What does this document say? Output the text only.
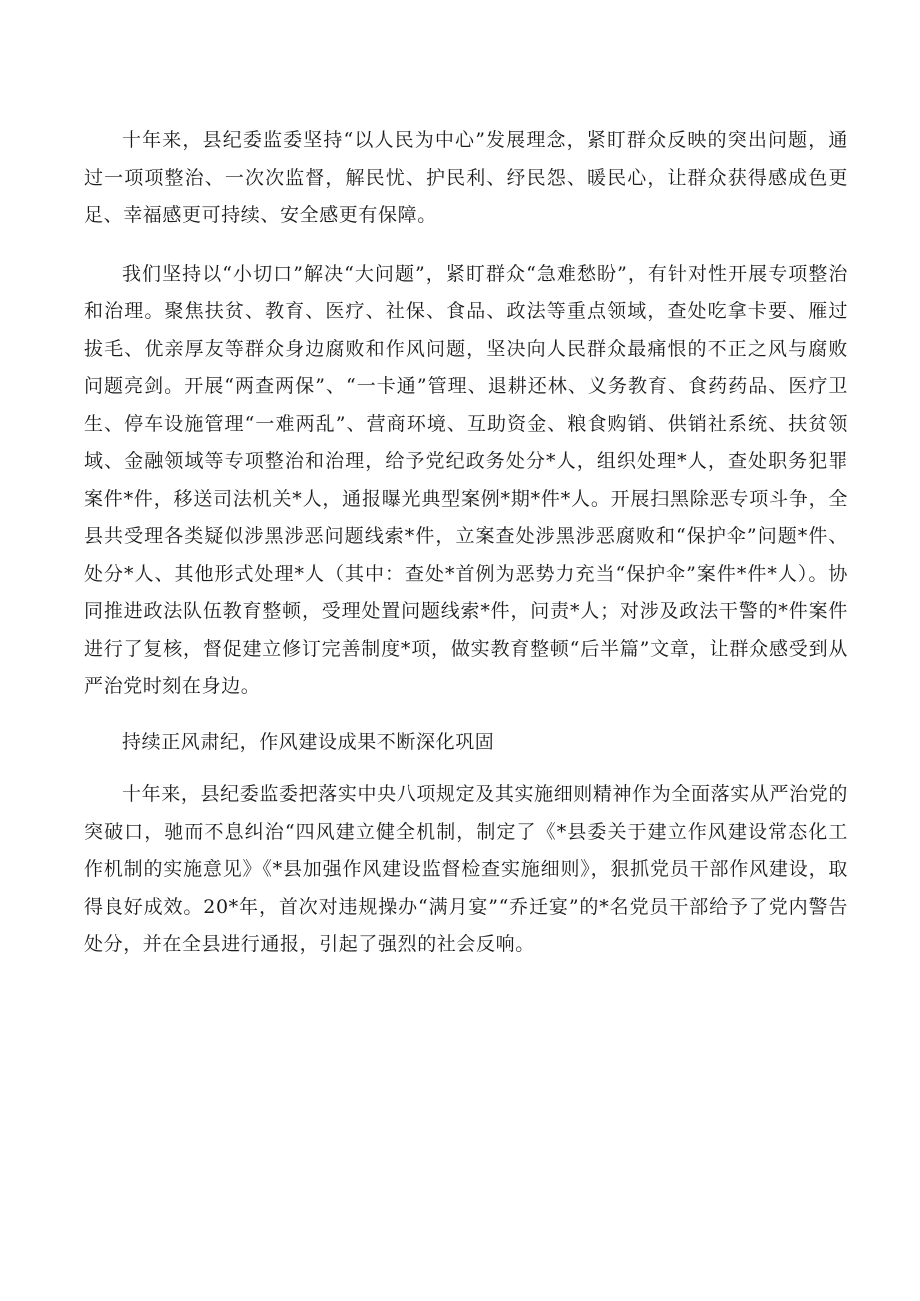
十年来，县纪委监委坚持“以人民为中心”发展理念，紧盯群众反映的突出问题，通过一项项整治、一次次监督，解民忧、护民利、纾民怨、暖民心，让群众获得感成色更足、幸福感更可持续、安全感更有保障。

我们坚持以“小切口”解决“大问题”，紧盯群众“急难愁盼”，有针对性开展专项整治和治理。聚焦扶贫、教育、医疗、社保、食品、政法等重点领域，查处吃拿卡要、雁过拔毛、优亲厚友等群众身边腐败和作风问题，坚决向人民群众最痛恨的不正之风与腐败问题亮剑。开展“两查两保”、“一卡通”管理、退耕还林、义务教育、食药药品、医疗卫生、停车设施管理“一难两乱”、营商环境、互助资金、粮食购销、供销社系统、扶贫领域、金融领域等专项整治和治理，给予党纪政务处分*人，组织处理*人，查处职务犯罪案件*件，移送司法机关*人，通报曝光典型案例*期*件*人。开展扫黑除恶专项斗争，全县共受理各类疑似涉黑涉恶问题线索*件，立案查处涉黑涉恶腐败和“保护伞”问题*件、处分*人、其他形式处理*人（其中：查处*首例为恶势力充当“保护伞”案件*件*人）。协同推进政法队伍教育整顿，受理处置问题线索*件，问责*人；对涉及政法干警的*件案件进行了复核，督促建立修订完善制度*项，做实教育整顿“后半篇”文章，让群众感受到从严治党时刻在身边。

持续正风肃纪，作风建设成果不断深化巩固

十年来，县纪委监委把落实中央八项规定及其实施细则精神作为全面落实从严治党的突破口，驰而不息纠治“四风建立健全机制，制定了《*县委关于建立作风建设常态化工作机制的实施意见》《*县加强作风建设监督检查实施细则》，狠抓党员干部作风建设，取得良好成效。20*年，首次对违规操办“满月宴”“乔迁宴”的*名党员干部给予了党内警告处分，并在全县进行通报，引起了强烈的社会反响。
